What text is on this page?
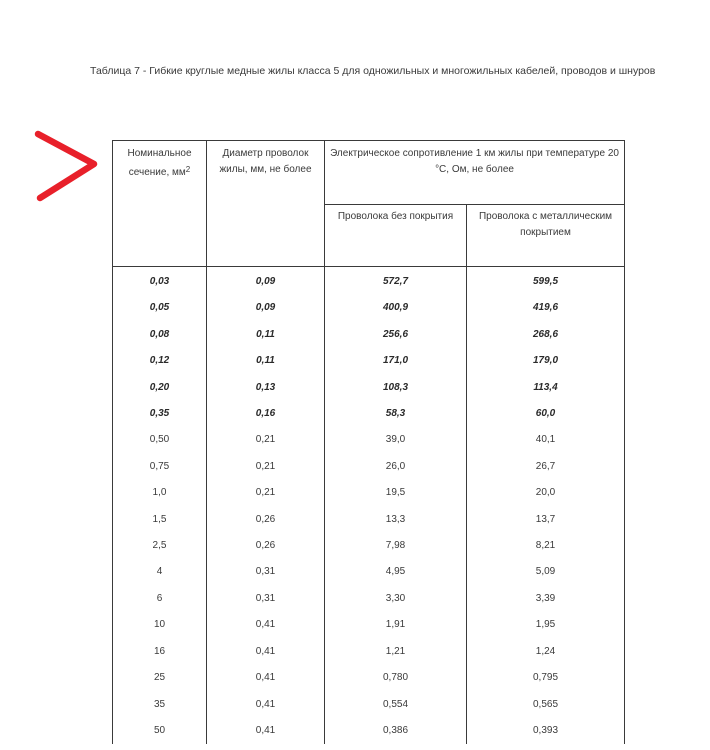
Таблица 7 - Гибкие круглые медные жилы класса 5 для одножильных и многожильных кабелей, проводов и шнуров
Номинальное сечение, $мм^2$	Диаметр проволок жилы, мм, не более	Электрическое сопротивление 1 км жилы при температуре 20 °С, Ом, не более	
		Проволока без покрытия	Проволока с металлическим покрытием
0,03	0,09	572,7	599,5
0,05	0,09	400,9	419,6
0,08	0,11	256,6	268,6
0,12	0,11	171,0	179,0
0,20	0,13	108,3	113,4
0,35	0,16	58,3	60,0
0,50	0,21	39,0	40,1
0,75	0,21	26,0	26,7
1,0	0,21	19,5	20,0
1,5	0,26	13,3	13,7
2,5	0,26	7,98	8,21
4	0,31	4,95	5,09
6	0,31	3,30	3,39
10	0,41	1,91	1,95
16	0,41	1,21	1,24
25	0,41	0,780	0,795
35	0,41	0,554	0,565
50	0,41	0,386	0,393
